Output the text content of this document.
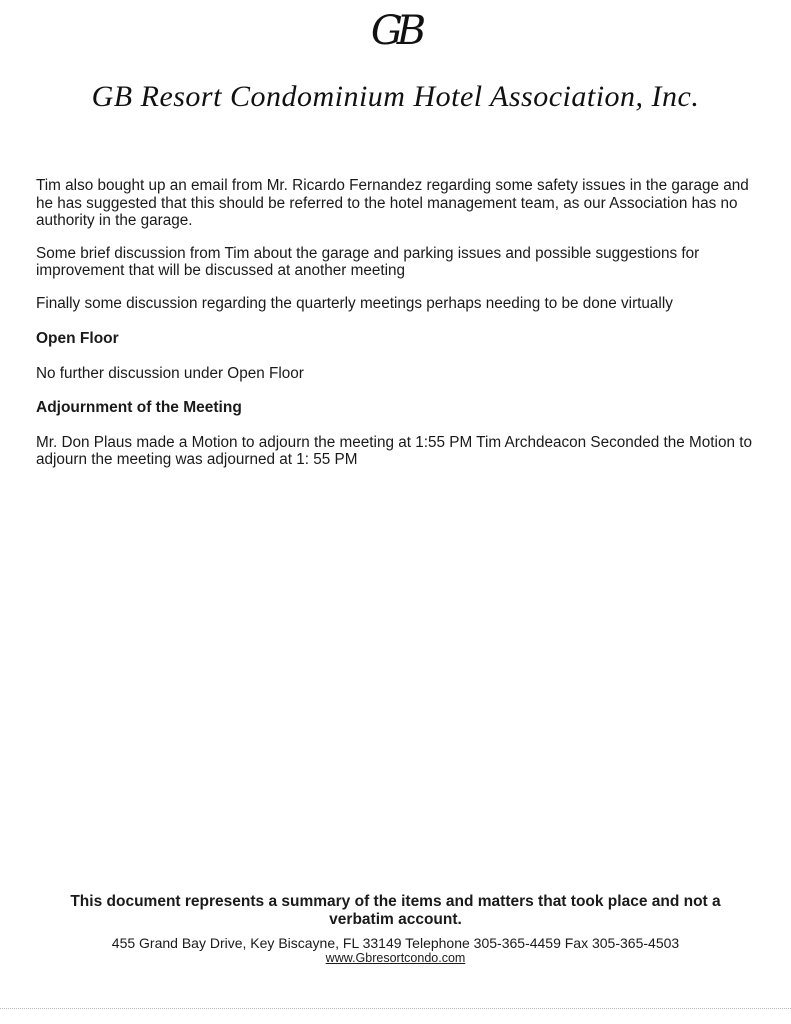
GB
GB Resort Condominium Hotel Association, Inc.

Tim also bought up an email from Mr. Ricardo Fernandez regarding some safety issues in the garage and he has suggested that this should be referred to the hotel management team, as our Association has no authority in the garage.

Some brief discussion from Tim about the garage and parking issues and possible suggestions for improvement that will be discussed at another meeting

Finally some discussion regarding the quarterly meetings perhaps needing to be done virtually

Open Floor

No further discussion under Open Floor

Adjournment of the Meeting

Mr. Don Plaus made a Motion to adjourn the meeting at 1:55 PM Tim Archdeacon Seconded the Motion to adjourn the meeting was adjourned at 1: 55 PM

This document represents a summary of the items and matters that took place and not a verbatim account.
455 Grand Bay Drive, Key Biscayne, FL 33149 Telephone 305-365-4459 Fax 305-365-4503
www.Gbresortcondo.com
